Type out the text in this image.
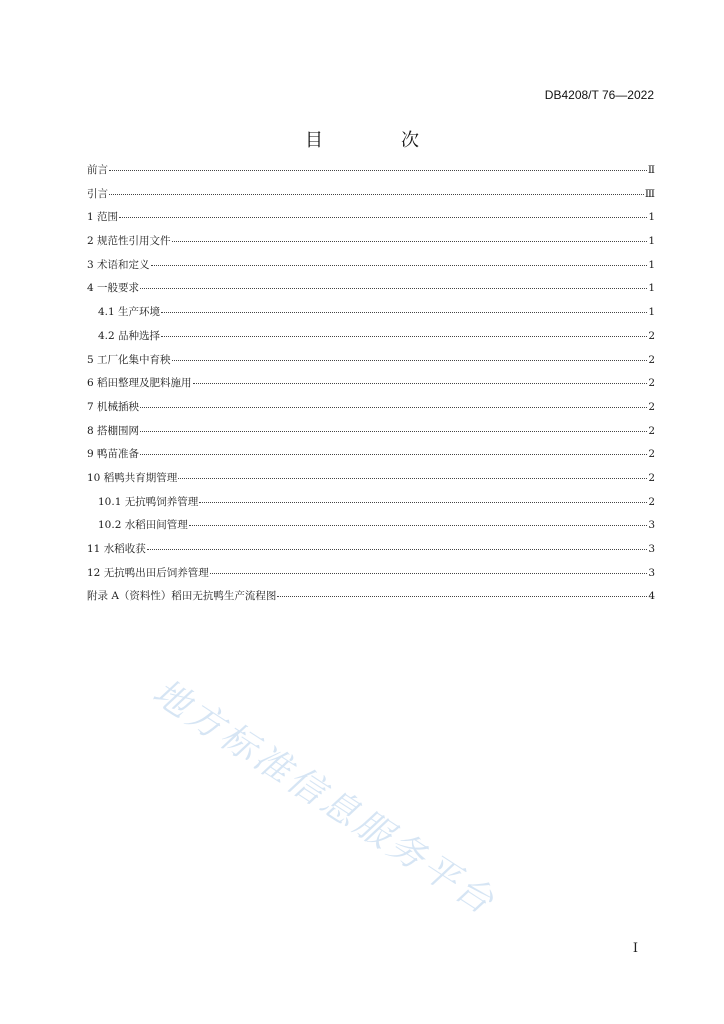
DB4208/T 76—2022
目　次
前言	Ⅱ
引言	Ⅲ
1 范围	1
2 规范性引用文件	1
3 术语和定义	1
4 一般要求	1
4.1 生产环境	1
4.2 品种选择	2
5 工厂化集中育秧	2
6 稻田整理及肥料施用	2
7 机械插秧	2
8 搭棚围网	2
9 鸭苗准备	2
10 稻鸭共育期管理	2
10.1 无抗鸭饲养管理	2
10.2 水稻田间管理	3
11 水稻收获	3
12 无抗鸭出田后饲养管理	3
附录 A（资料性）稻田无抗鸭生产流程图	4
地方标准信息服务平台
I
